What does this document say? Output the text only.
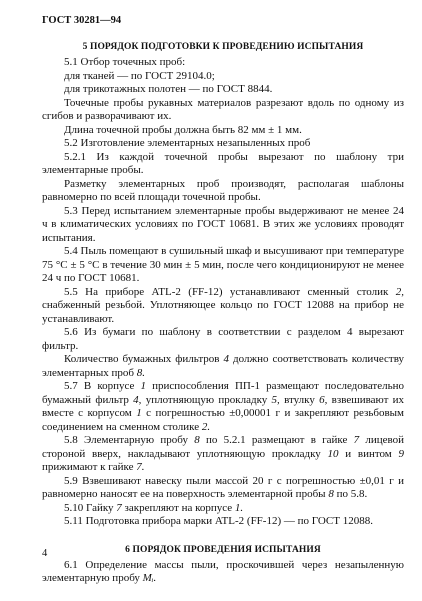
ГОСТ 30281—94
5 ПОРЯДОК ПОДГОТОВКИ К ПРОВЕДЕНИЮ ИСПЫТАНИЯ

5.1 Отбор точечных проб:

для тканей — по ГОСТ 29104.0;

для трикотажных полотен — по ГОСТ 8844.

Точечные пробы рукавных материалов разрезают вдоль по одному из сгибов и разворачивают их.

Длина точечной пробы должна быть 82 мм ± 1 мм.

5.2 Изготовление элементарных незапыленных проб

5.2.1 Из каждой точечной пробы вырезают по шаблону три элементарные пробы.

Разметку элементарных проб производят, располагая шаблоны равномерно по всей площади точечной пробы.

5.3 Перед испытанием элементарные пробы выдерживают не менее 24 ч в климатических условиях по ГОСТ 10681. В этих же условиях проводят испытания.

5.4 Пыль помещают в сушильный шкаф и высушивают при температуре 75 °С ± 5 °С в течение 30 мин ± 5 мин, после чего кондиционируют не менее 24 ч по ГОСТ 10681.

5.5 На приборе ATL-2 (FF-12) устанавливают сменный столик 2, снабженный резьбой. Уплотняющее кольцо по ГОСТ 12088 на прибор не устанавливают.

5.6 Из бумаги по шаблону в соответствии с разделом 4 вырезают фильтр.

Количество бумажных фильтров 4 должно соответствовать количеству элементарных проб 8.

5.7 В корпусе 1 приспособления ПП-1 размещают последовательно бумажный фильтр 4, уплотняющую прокладку 5, втулку 6, взвешивают их вместе с корпусом 1 с погрешностью ±0,00001 г и закрепляют резьбовым соединением на сменном столике 2.

5.8 Элементарную пробу 8 по 5.2.1 размещают в гайке 7 лицевой стороной вверх, накладывают уплотняющую прокладку 10 и винтом 9 прижимают к гайке 7.

5.9 Взвешивают навеску пыли массой 20 г с погрешностью ±0,01 г и равномерно наносят ее на поверхность элементарной пробы 8 по 5.8.

5.10 Гайку 7 закрепляют на корпусе 1.

5.11 Подготовка прибора марки ATL-2 (FF-12) — по ГОСТ 12088.

6 ПОРЯДОК ПРОВЕДЕНИЯ ИСПЫТАНИЯ

6.1 Определение массы пыли, проскочившей через незапыленную элементарную пробу Mᵢ.

4
